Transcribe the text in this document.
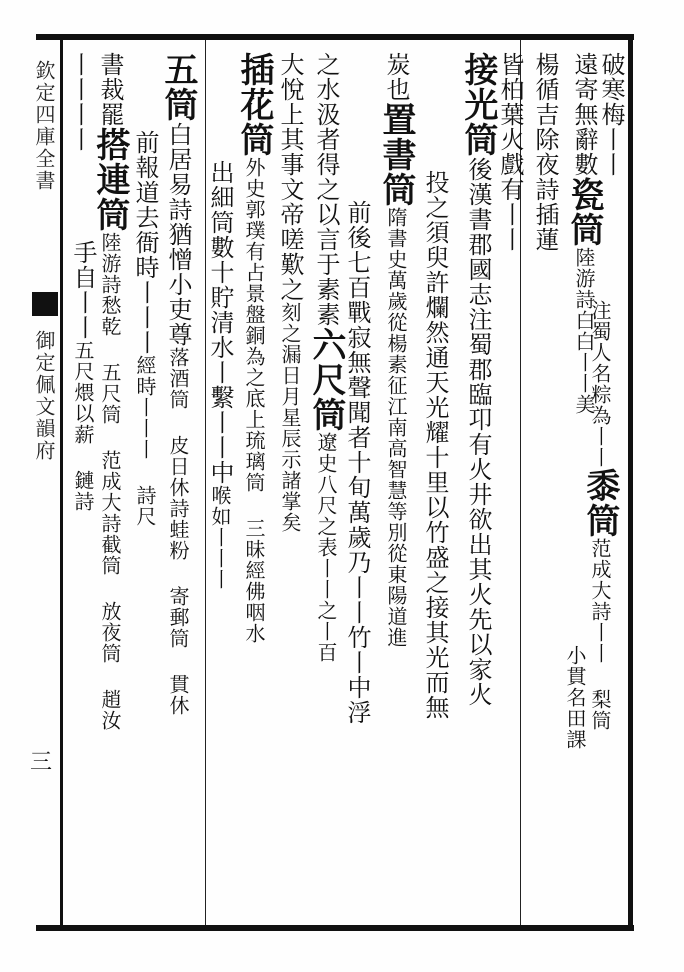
欽定四庫全書
御定佩文韻府
三
破寒梅丨丨
遠寄無辭數瓷筒陸游詩白白丨丨美
注蜀人名粽為丨丨黍筒范成大詩丨丨 梨筒
楊循吉除夜詩插蓮
小貫名田課
皆柏葉火戲有丨丨
接光筒後漢書郡國志注蜀郡臨卭有火井欲出其火先以家火
投之須臾許爛然通天光耀十里以竹盛之接其光而無
炭也置書筒隋書史萬歲從楊素征江南高智慧等別從東陽道進
前後七百戰寂無聲聞者十旬萬歲乃丨丨竹丨中浮
之水汲者得之以言于素素六尺筒遼史八尺之表丨丨之丨百
大悅上其事文帝嗟歎之刻之漏日月星辰示諸掌矣
插花筒外史郭璞有占景盤銅為之底上琉璃筒 三昧經佛咽水
出細筒數十貯清水丨繫丨丨中喉如丨丨丨
五筒白居易詩猶憎小吏尊落酒筒 皮日休詩蛙粉 寄郵筒 貫休
前報道去衙時丨丨丨經時丨丨丨 詩尺
書裁罷搭連筒陸游詩愁乾 五尺筒 范成大詩截筒 放夜筒 趙汝
手自丨丨五尺煨以薪 鏈詩
丨丨丨丨
